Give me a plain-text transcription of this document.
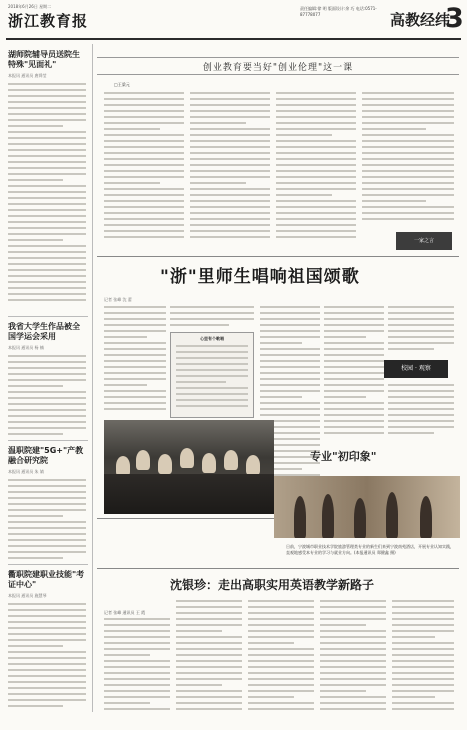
2018年6月26日 星期二
浙江教育报
责任编辑:徐 明 版面设计:余 巧 电话:0571-87778077	高教经纬
3
湖师院辅导员送院生特殊"见面礼"
本报讯 通讯员 唐舜莹
我省大学生作品被全国学运会采用
本报讯 通讯员 杨 楠
温职院建"5G+"产教融合研究院
本报讯 通讯员 朱 婧
衢职院建职业技能"考证中心"
本报讯 通讯员 施慧琴
创业教育要当好"创业伦理"这一课
□王梁元
一家之言
"浙"里师生唱响祖国颂歌
记者 张峰 沈 蕾
心里有个歌唱
校园 · 观察
专业"初印象"
日前，宁波城市职业技术学院旅游管理类专业的新生们来到宁波南苑酒店，开展专业认知实践，直观地感受本专业的学习与就业方向。(本报通讯员 郑健鑫 摄)
沈银珍：走出高职实用英语教学新路子
记者 张峰 通讯员 王 霞
